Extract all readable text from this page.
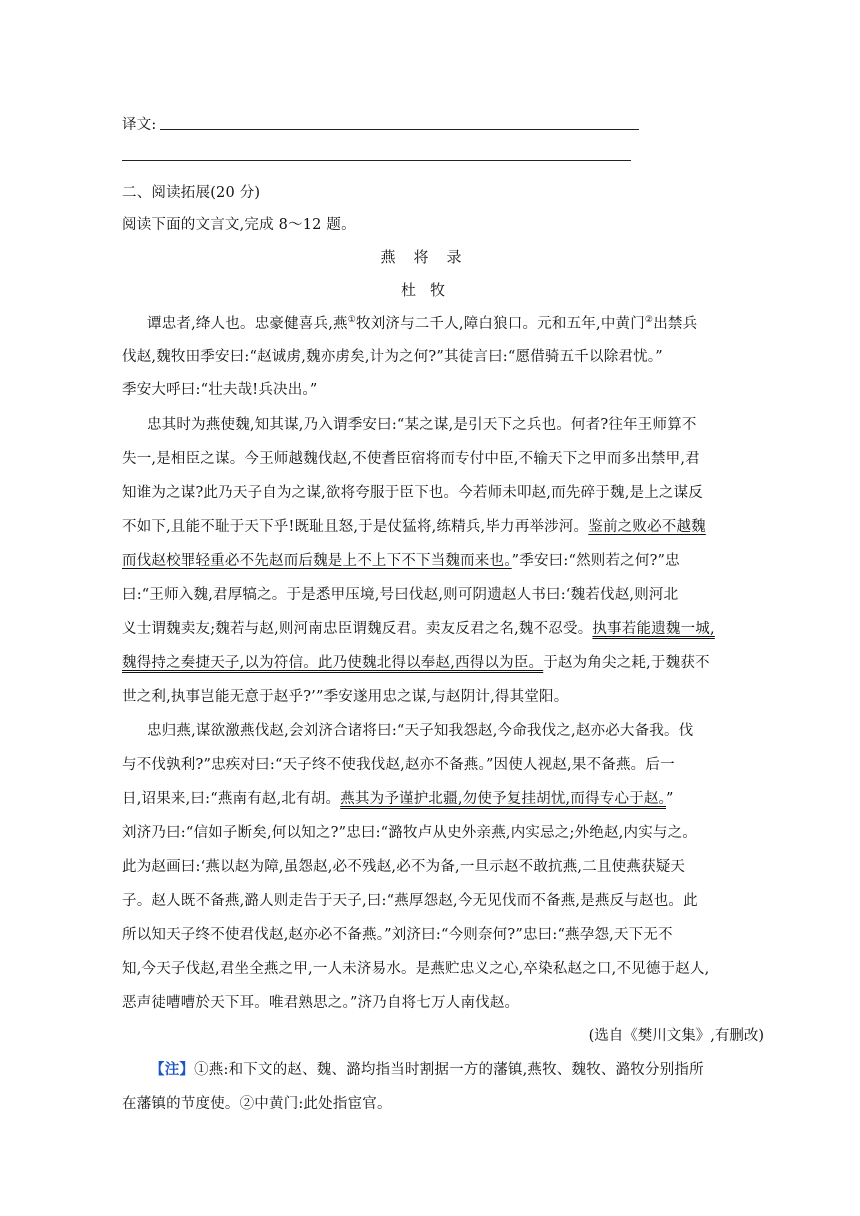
译文:
二、阅读拓展(20 分)
阅读下面的文言文,完成 8～12 题。
燕将录
杜牧
谭忠者,绛人也。忠豪健喜兵,燕①牧刘济与二千人,障白狼口。元和五年,中黄门②出禁兵
伐赵,魏牧田季安曰:“赵诚虏,魏亦虏矣,计为之何?”其徒言曰:“愿借骑五千以除君忧。”
季安大呼曰:“壮夫哉!兵决出。”
忠其时为燕使魏,知其谋,乃入谓季安曰:“某之谋,是引天下之兵也。何者?往年王师算不
失一,是相臣之谋。今王师越魏伐赵,不使耆臣宿将而专付中臣,不输天下之甲而多出禁甲,君
知谁为之谋?此乃天子自为之谋,欲将夸服于臣下也。今若师未叩赵,而先碎于魏,是上之谋反
不如下,且能不耻于天下乎!既耻且怒,于是仗猛将,练精兵,毕力再举涉河。鉴前之败必不越魏
而伐赵校罪轻重必不先赵而后魏是上不上下不下当魏而来也。”季安曰:“然则若之何?”忠
曰:“王师入魏,君厚犒之。于是悉甲压境,号曰伐赵,则可阴遗赵人书曰:‘魏若伐赵,则河北
义士谓魏卖友;魏若与赵,则河南忠臣谓魏反君。卖友反君之名,魏不忍受。执事若能遗魏一城,
魏得持之奏捷天子,以为符信。此乃使魏北得以奉赵,西得以为臣。于赵为角尖之耗,于魏获不
世之利,执事岂能无意于赵乎?’”季安遂用忠之谋,与赵阴计,得其堂阳。
忠归燕,谋欲激燕伐赵,会刘济合诸将曰:“天子知我怨赵,今命我伐之,赵亦必大备我。伐
与不伐孰利?”忠疾对曰:“天子终不使我伐赵,赵亦不备燕。”因使人视赵,果不备燕。后一
日,诏果来,曰:“燕南有赵,北有胡。燕其为予谨护北疆,勿使予复挂胡忧,而得专心于赵。”
刘济乃曰:“信如子断矣,何以知之?”忠曰:“潞牧卢从史外亲燕,内实忌之;外绝赵,内实与之。
此为赵画曰:‘燕以赵为障,虽怨赵,必不残赵,必不为备,一旦示赵不敢抗燕,二且使燕获疑天
子。赵人既不备燕,潞人则走告于天子,曰:“燕厚怨赵,今无见伐而不备燕,是燕反与赵也。此
所以知天子终不使君伐赵,赵亦必不备燕。”刘济曰:“今则奈何?”忠曰:“燕孕怨,天下无不
知,今天子伐赵,君坐全燕之甲,一人未济易水。是燕贮忠义之心,卒染私赵之口,不见德于赵人,
恶声徒嘈嘈於天下耳。唯君熟思之。”济乃自将七万人南伐赵。
(选自《樊川文集》,有删改)
【注】①燕:和下文的赵、魏、潞均指当时割据一方的藩镇,燕牧、魏牧、潞牧分别指所
在藩镇的节度使。②中黄门:此处指宦官。
